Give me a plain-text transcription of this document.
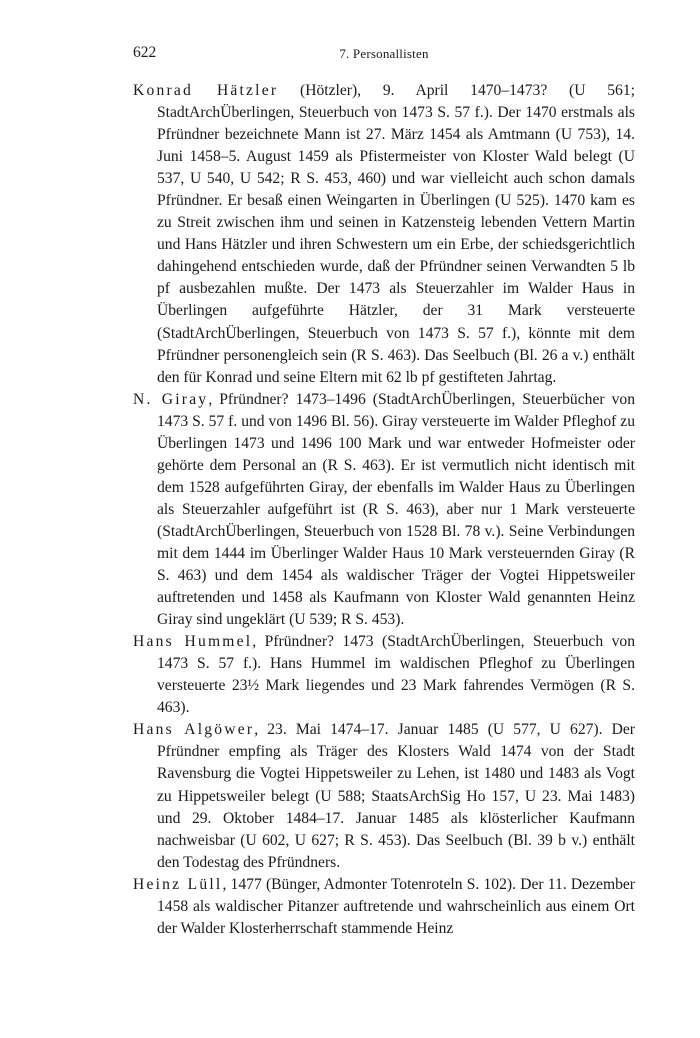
622	7. Personallisten

Konrad Hätzler (Hötzler), 9. April 1470–1473? (U 561; StadtArchÜberlingen, Steuerbuch von 1473 S. 57 f.). Der 1470 erstmals als Pfründner bezeichnete Mann ist 27. März 1454 als Amtmann (U 753), 14. Juni 1458–5. August 1459 als Pfistermeister von Kloster Wald belegt (U 537, U 540, U 542; R S. 453, 460) und war vielleicht auch schon damals Pfründner. Er besaß einen Weingarten in Überlingen (U 525). 1470 kam es zu Streit zwischen ihm und seinen in Katzensteig lebenden Vettern Martin und Hans Hätzler und ihren Schwestern um ein Erbe, der schiedsgerichtlich dahingehend entschieden wurde, daß der Pfründner seinen Verwandten 5 lb pf ausbezahlen mußte. Der 1473 als Steuerzahler im Walder Haus in Überlingen aufgeführte Hätzler, der 31 Mark versteuerte (StadtArchÜberlingen, Steuerbuch von 1473 S. 57 f.), könnte mit dem Pfründner personengleich sein (R S. 463). Das Seelbuch (Bl. 26 a v.) enthält den für Konrad und seine Eltern mit 62 lb pf gestifteten Jahrtag.

N. Giray, Pfründner? 1473–1496 (StadtArchÜberlingen, Steuerbücher von 1473 S. 57 f. und von 1496 Bl. 56). Giray versteuerte im Walder Pfleghof zu Überlingen 1473 und 1496 100 Mark und war entweder Hofmeister oder gehörte dem Personal an (R S. 463). Er ist vermutlich nicht identisch mit dem 1528 aufgeführten Giray, der ebenfalls im Walder Haus zu Überlingen als Steuerzahler aufgeführt ist (R S. 463), aber nur 1 Mark versteuerte (StadtArchÜberlingen, Steuerbuch von 1528 Bl. 78 v.). Seine Verbindungen mit dem 1444 im Überlinger Walder Haus 10 Mark versteuernden Giray (R S. 463) und dem 1454 als waldischer Träger der Vogtei Hippetsweiler auftretenden und 1458 als Kaufmann von Kloster Wald genannten Heinz Giray sind ungeklärt (U 539; R S. 453).

Hans Hummel, Pfründner? 1473 (StadtArchÜberlingen, Steuerbuch von 1473 S. 57 f.). Hans Hummel im waldischen Pfleghof zu Überlingen versteuerte 23½ Mark liegendes und 23 Mark fahrendes Vermögen (R S. 463).

Hans Algöwer, 23. Mai 1474–17. Januar 1485 (U 577, U 627). Der Pfründner empfing als Träger des Klosters Wald 1474 von der Stadt Ravensburg die Vogtei Hippetsweiler zu Lehen, ist 1480 und 1483 als Vogt zu Hippetsweiler belegt (U 588; StaatsArchSig Ho 157, U 23. Mai 1483) und 29. Oktober 1484–17. Januar 1485 als klösterlicher Kaufmann nachweisbar (U 602, U 627; R S. 453). Das Seelbuch (Bl. 39 b v.) enthält den Todestag des Pfründners.

Heinz Lüll, 1477 (Bünger, Admonter Totenroteln S. 102). Der 11. Dezember 1458 als waldischer Pitanzer auftretende und wahrscheinlich aus einem Ort der Walder Klosterherrschaft stammende Heinz
